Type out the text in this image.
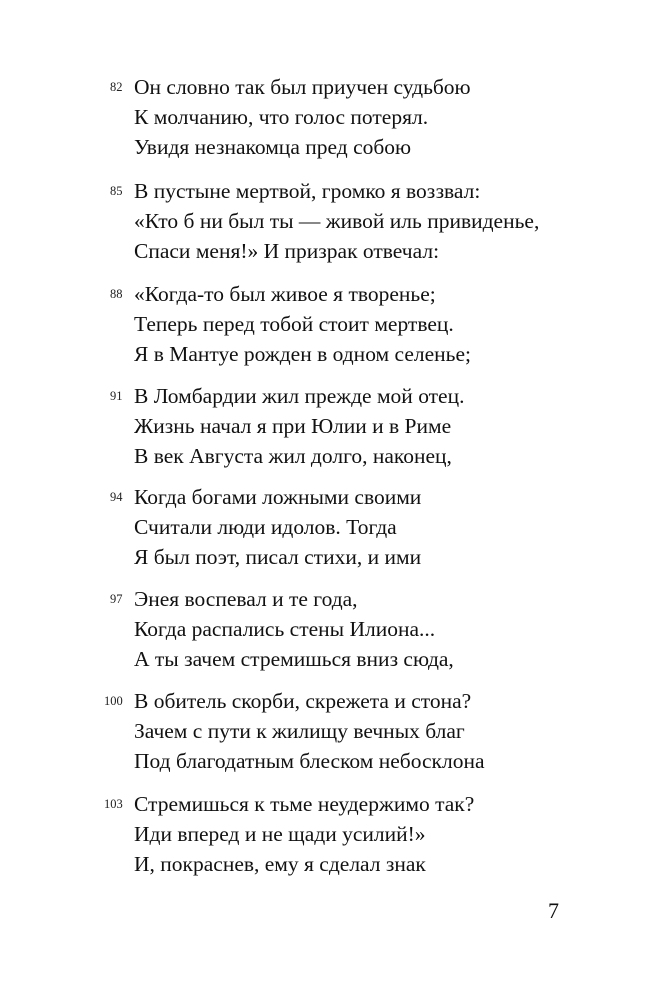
82 Он словно так был приучен судьбою
К молчанию, что голос потерял.
Увидя незнакомца пред собою
85 В пустыне мертвой, громко я воззвал:
«Кто б ни был ты — живой иль привиденье,
Спаси меня!» И призрак отвечал:
88 «Когда-то был живое я творенье;
Теперь перед тобой стоит мертвец.
Я в Мантуе рожден в одном селенье;
91 В Ломбардии жил прежде мой отец.
Жизнь начал я при Юлии и в Риме
В век Августа жил долго, наконец,
94 Когда богами ложными своими
Считали люди идолов. Тогда
Я был поэт, писал стихи, и ими
97 Энея воспевал и те года,
Когда распались стены Илиона...
А ты зачем стремишься вниз сюда,
100 В обитель скорби, скрежета и стона?
Зачем с пути к жилищу вечных благ
Под благодатным блеском небосклона
103 Стремишься к тьме неудержимо так?
Иди вперед и не щади усилий!»
И, покраснев, ему я сделал знак
7
